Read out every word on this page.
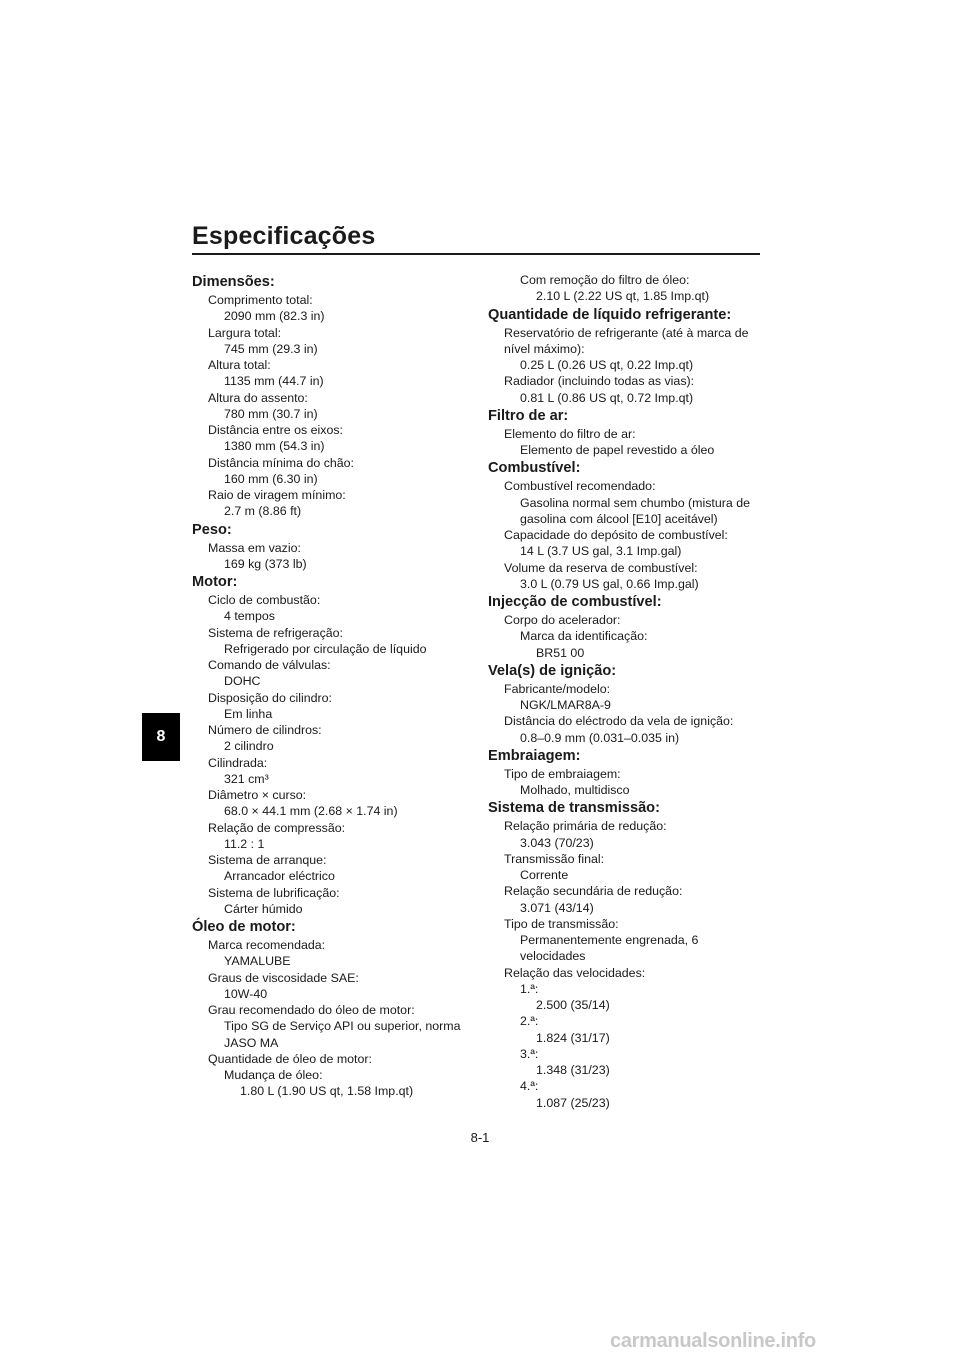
Especificações
8
Dimensões:
Comprimento total:
2090 mm (82.3 in)
Largura total:
745 mm (29.3 in)
Altura total:
1135 mm (44.7 in)
Altura do assento:
780 mm (30.7 in)
Distância entre os eixos:
1380 mm (54.3 in)
Distância mínima do chão:
160 mm (6.30 in)
Raio de viragem mínimo:
2.7 m (8.86 ft)
Peso:
Massa em vazio:
169 kg (373 lb)
Motor:
Ciclo de combustão:
4 tempos
Sistema de refrigeração:
Refrigerado por circulação de líquido
Comando de válvulas:
DOHC
Disposição do cilindro:
Em linha
Número de cilindros:
2 cilindro
Cilindrada:
321 cm³
Diâmetro × curso:
68.0 × 44.1 mm (2.68 × 1.74 in)
Relação de compressão:
11.2 : 1
Sistema de arranque:
Arrancador eléctrico
Sistema de lubrificação:
Cárter húmido
Óleo de motor:
Marca recomendada:
YAMALUBE
Graus de viscosidade SAE:
10W-40
Grau recomendado do óleo de motor:
Tipo SG de Serviço API ou superior, norma
JASO MA
Quantidade de óleo de motor:
Mudança de óleo:
1.80 L (1.90 US qt, 1.58 Imp.qt)
Com remoção do filtro de óleo:
2.10 L (2.22 US qt, 1.85 Imp.qt)
Quantidade de líquido refrigerante:
Reservatório de refrigerante (até à marca de
nível máximo):
0.25 L (0.26 US qt, 0.22 Imp.qt)
Radiador (incluindo todas as vias):
0.81 L (0.86 US qt, 0.72 Imp.qt)
Filtro de ar:
Elemento do filtro de ar:
Elemento de papel revestido a óleo
Combustível:
Combustível recomendado:
Gasolina normal sem chumbo (mistura de
gasolina com álcool [E10] aceitável)
Capacidade do depósito de combustível:
14 L (3.7 US gal, 3.1 Imp.gal)
Volume da reserva de combustível:
3.0 L (0.79 US gal, 0.66 Imp.gal)
Injecção de combustível:
Corpo do acelerador:
Marca da identificação:
BR51 00
Vela(s) de ignição:
Fabricante/modelo:
NGK/LMAR8A-9
Distância do eléctrodo da vela de ignição:
0.8–0.9 mm (0.031–0.035 in)
Embraiagem:
Tipo de embraiagem:
Molhado, multidisco
Sistema de transmissão:
Relação primária de redução:
3.043 (70/23)
Transmissão final:
Corrente
Relação secundária de redução:
3.071 (43/14)
Tipo de transmissão:
Permanentemente engrenada, 6
velocidades
Relação das velocidades:
1.ª:
2.500 (35/14)
2.ª:
1.824 (31/17)
3.ª:
1.348 (31/23)
4.ª:
1.087 (25/23)
8-1
carmanualsonline.info
